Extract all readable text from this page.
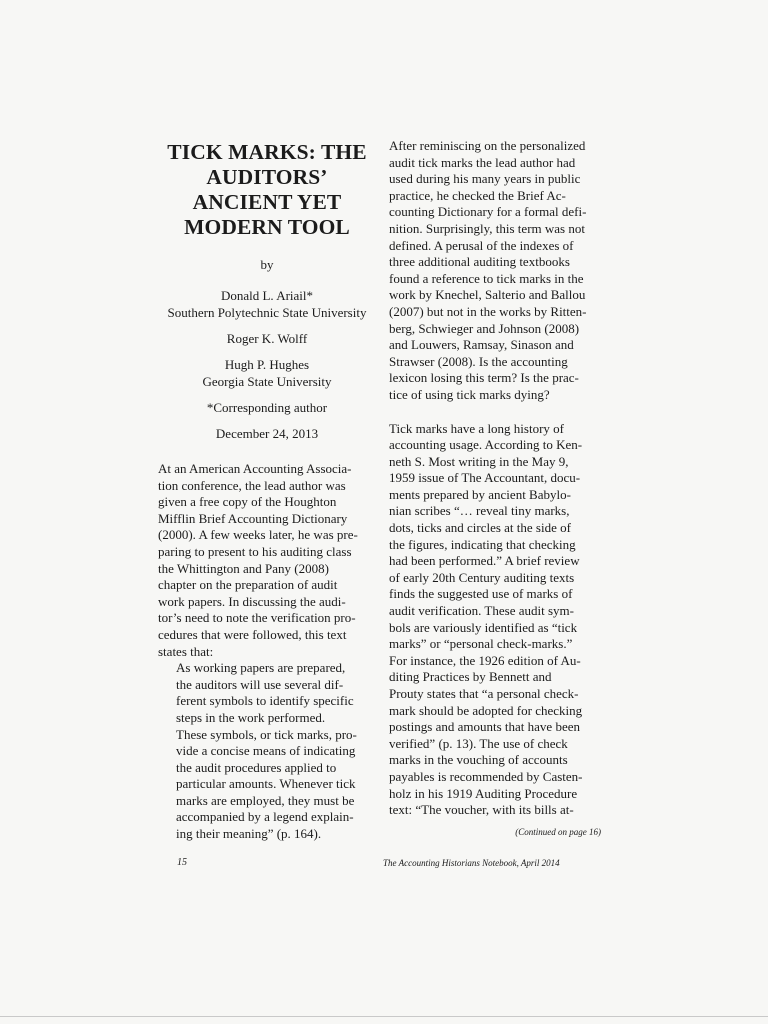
TICK MARKS: THE
AUDITORS’
ANCIENT YET
MODERN TOOL
by
Donald L. Ariail*
Southern Polytechnic State University
Roger K. Wolff
Hugh P. Hughes
Georgia State University
*Corresponding author
December 24, 2013
At an American Accounting Associa-
tion conference, the lead author was
given a free copy of the Houghton
Mifflin Brief Accounting Dictionary
(2000). A few weeks later, he was pre-
paring to present to his auditing class
the Whittington and Pany (2008)
chapter on the preparation of audit
work papers. In discussing the audi-
tor’s need to note the verification pro-
cedures that were followed, this text
states that:
As working papers are prepared,
the auditors will use several dif-
ferent symbols to identify specific
steps in the work performed.
These symbols, or tick marks, pro-
vide a concise means of indicating
the audit procedures applied to
particular amounts. Whenever tick
marks are employed, they must be
accompanied by a legend explain-
ing their meaning” (p. 164).
After reminiscing on the personalized
audit tick marks the lead author had
used during his many years in public
practice, he checked the Brief Ac-
counting Dictionary for a formal defi-
nition. Surprisingly, this term was not
defined. A perusal of the indexes of
three additional auditing textbooks
found a reference to tick marks in the
work by Knechel, Salterio and Ballou
(2007) but not in the works by Ritten-
berg, Schwieger and Johnson (2008)
and Louwers, Ramsay, Sinason and
Strawser (2008). Is the accounting
lexicon losing this term? Is the prac-
tice of using tick marks dying?
Tick marks have a long history of
accounting usage. According to Ken-
neth S. Most writing in the May 9,
1959 issue of The Accountant, docu-
ments prepared by ancient Babylo-
nian scribes “… reveal tiny marks,
dots, ticks and circles at the side of
the figures, indicating that checking
had been performed.” A brief review
of early 20th Century auditing texts
finds the suggested use of marks of
audit verification. These audit sym-
bols are variously identified as “tick
marks” or “personal check-marks.”
For instance, the 1926 edition of Au-
diting Practices by Bennett and
Prouty states that “a personal check-
mark should be adopted for checking
postings and amounts that have been
verified” (p. 13). The use of check
marks in the vouching of accounts
payables is recommended by Casten-
holz in his 1919 Auditing Procedure
text: “The voucher, with its bills at-
(Continued on page 16)
15	The Accounting Historians Notebook, April 2014
